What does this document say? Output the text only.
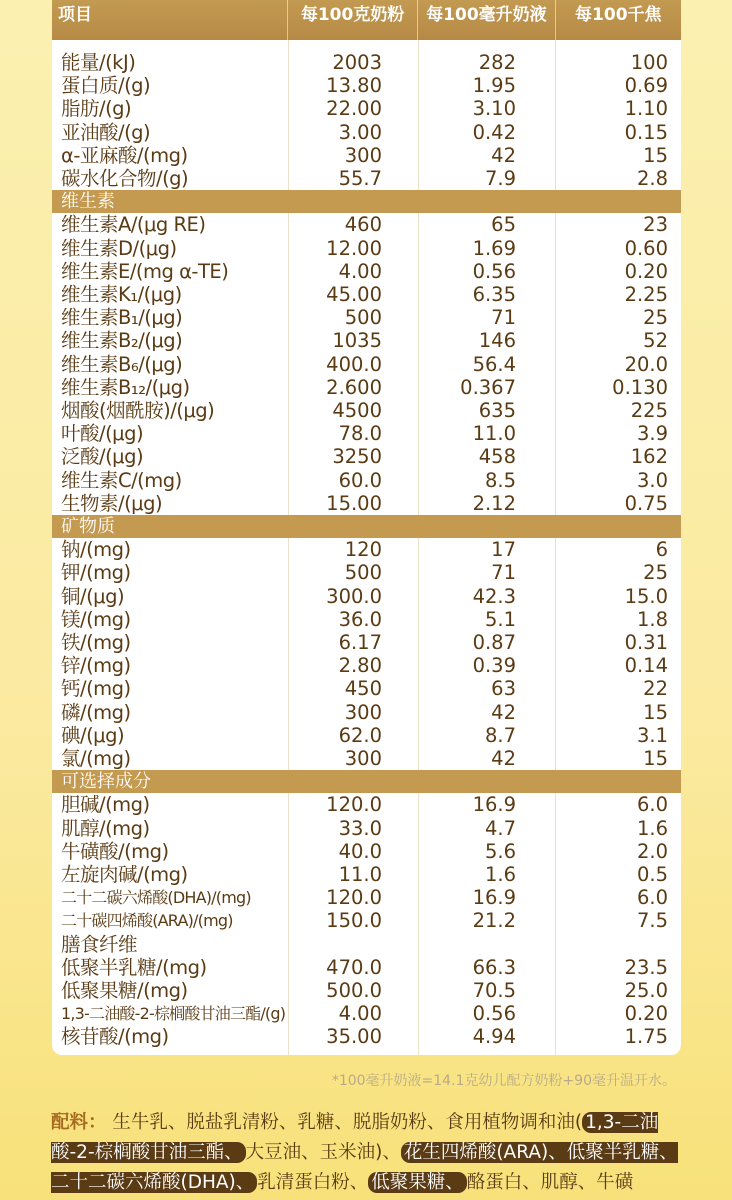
项目	每100克奶粉	每100毫升奶液	每100千焦
能量/(kJ)	2003	282	100
蛋白质/(g)	13.80	1.95	0.69
脂肪/(g)	22.00	3.10	1.10
亚油酸/(g)	3.00	0.42	0.15
α-亚麻酸/(mg)	300	42	15
碳水化合物/(g)	55.7	7.9	2.8
维生素
维生素A/(μg RE)	460	65	23
维生素D/(μg)	12.00	1.69	0.60
维生素E/(mg α-TE)	4.00	0.56	0.20
维生素K₁/(μg)	45.00	6.35	2.25
维生素B₁/(μg)	500	71	25
维生素B₂/(μg)	1035	146	52
维生素B₆/(μg)	400.0	56.4	20.0
维生素B₁₂/(μg)	2.600	0.367	0.130
烟酸(烟酰胺)/(μg)	4500	635	225
叶酸/(μg)	78.0	11.0	3.9
泛酸/(μg)	3250	458	162
维生素C/(mg)	60.0	8.5	3.0
生物素/(μg)	15.00	2.12	0.75
矿物质
钠/(mg)	120	17	6
钾/(mg)	500	71	25
铜/(μg)	300.0	42.3	15.0
镁/(mg)	36.0	5.1	1.8
铁/(mg)	6.17	0.87	0.31
锌/(mg)	2.80	0.39	0.14
钙/(mg)	450	63	22
磷/(mg)	300	42	15
碘/(μg)	62.0	8.7	3.1
氯/(mg)	300	42	15
可选择成分
胆碱/(mg)	120.0	16.9	6.0
肌醇/(mg)	33.0	4.7	1.6
牛磺酸/(mg)	40.0	5.6	2.0
左旋肉碱/(mg)	11.0	1.6	0.5
二十二碳六烯酸(DHA)/(mg)	120.0	16.9	6.0
二十碳四烯酸(ARA)/(mg)	150.0	21.2	7.5
膳食纤维
低聚半乳糖/(mg)	470.0	66.3	23.5
低聚果糖/(mg)	500.0	70.5	25.0
1,3-二油酸-2-棕榈酸甘油三酯/(g)	4.00	0.56	0.20
核苷酸/(mg)	35.00	4.94	1.75
*100毫升奶液=14.1克幼儿配方奶粉+90毫升温开水。
配料： 生牛乳、脱盐乳清粉、乳糖、脱脂奶粉、食用植物调和油( 1,3-二油酸-2-棕榈酸甘油三酯、 大豆油、玉米油)、 花生四烯酸(ARA)、低聚半乳糖、二十二碳六烯酸(DHA)、 乳清蛋白粉、 低聚果糖、 酪蛋白、肌醇、牛磺
